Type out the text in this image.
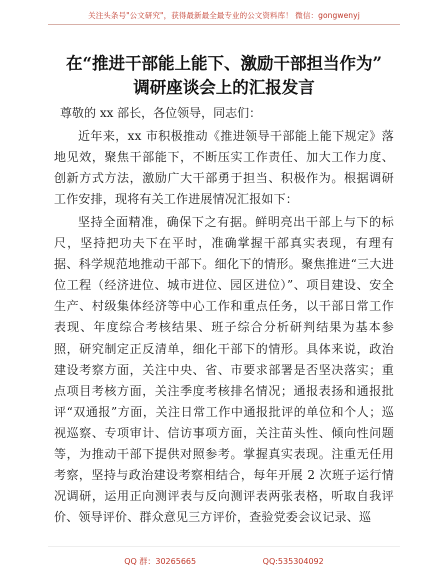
关注头条号"公文研究"，获得最新最全最专业的公文资料库！ 微信：gongwenyj
在“推进干部能上能下、激励干部担当作为”
调研座谈会上的汇报发言
尊敬的 xx 部长，各位领导，同志们：
近年来，xx 市积极推动《推进领导干部能上能下规定》落地见效，聚焦干部能下，不断压实工作责任、加大工作力度、创新方式方法，激励广大干部勇于担当、积极作为。根据调研工作安排，现将有关工作进展情况汇报如下：
坚持全面精准，确保下之有据。鲜明亮出干部上与下的标尺，坚持把功夫下在平时，准确掌握干部真实表现，有理有据、科学规范地推动干部下。细化下的情形。聚焦推进“三大进位工程（经济进位、城市进位、园区进位）”、项目建设、安全生产、村级集体经济等中心工作和重点任务，以干部日常工作表现、年度综合考核结果、班子综合分析研判结果为基本参照，研究制定正反清单，细化干部下的情形。具体来说，政治建设考察方面，关注中央、省、市要求部署是否坚决落实；重点项目考核方面，关注季度考核排名情况；通报表扬和通报批评“双通报”方面，关注日常工作中通报批评的单位和个人；巡视巡察、专项审计、信访事项方面，关注苗头性、倾向性问题等，为推动干部下提供对照参考。掌握真实表现。注重无任用考察，坚持与政治建设考察相结合，每年开展 2 次班子运行情况调研，运用正向测评表与反向测评表两张表格，听取自我评价、领导评价、群众意见三方评价，查验党委会议记录、巡
QQ 群：30265665	QQ:535304092
